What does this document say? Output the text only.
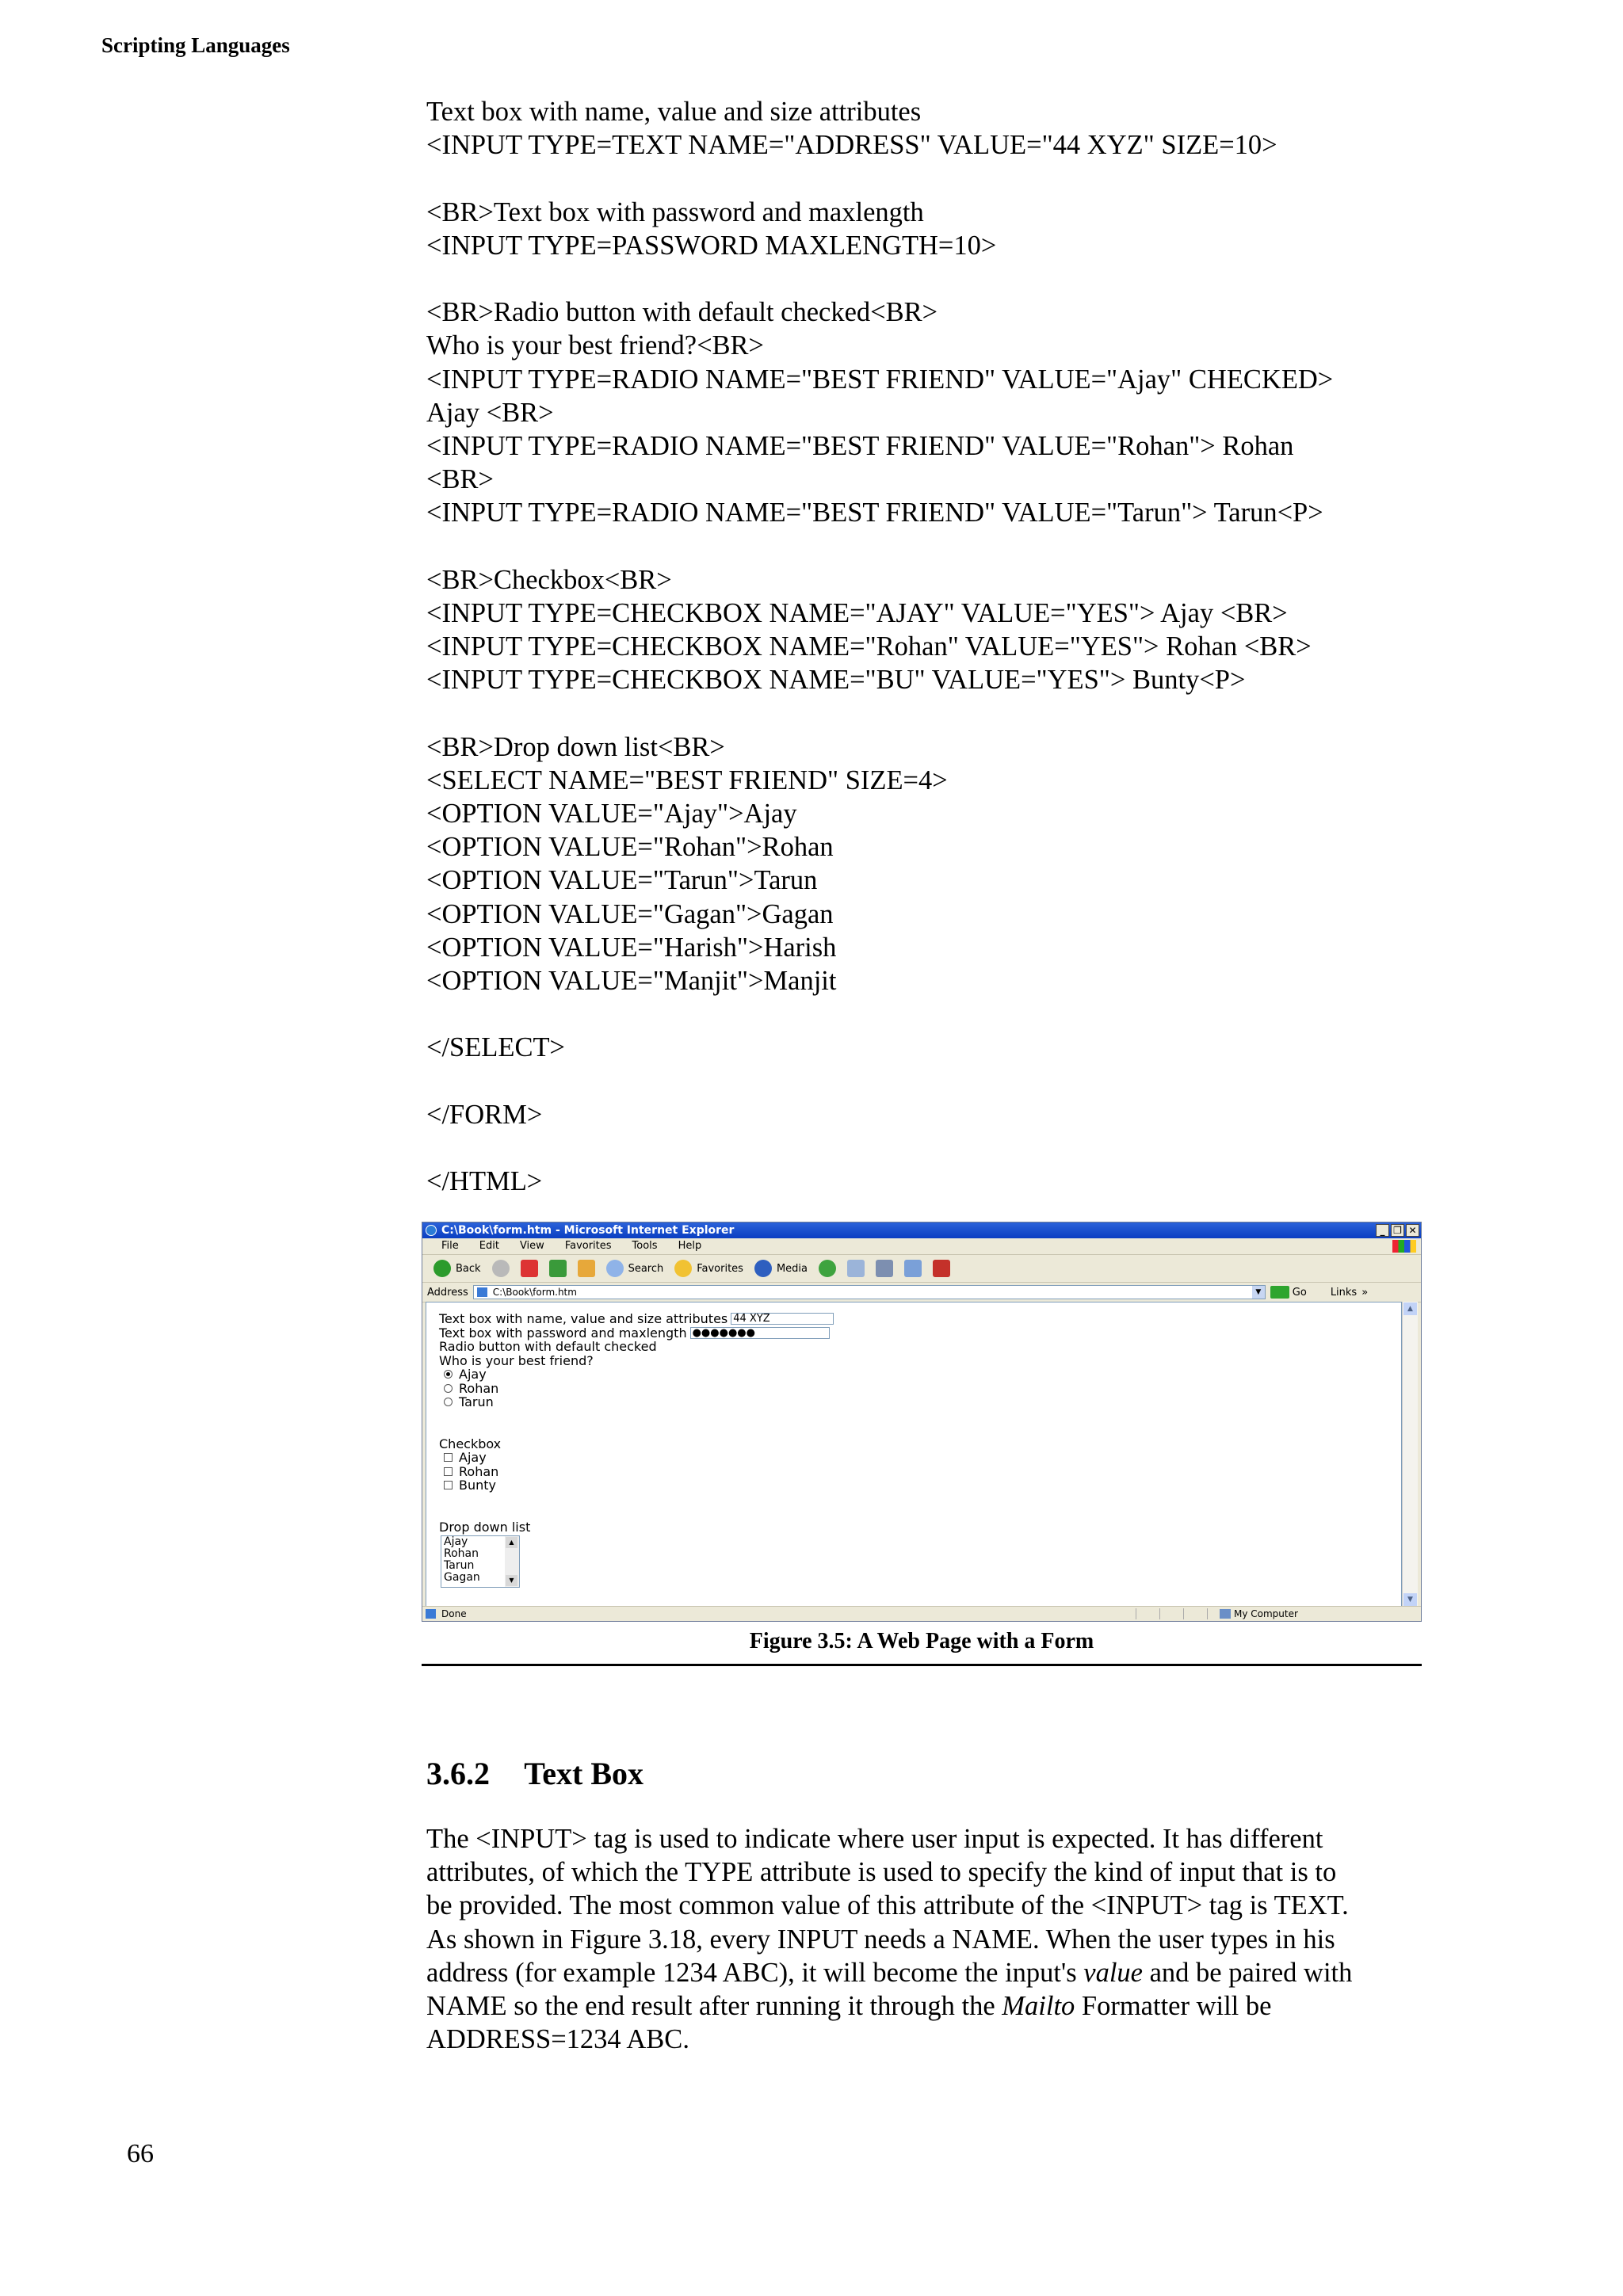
Scripting Languages
Text box with name, value and size attributes
<INPUT TYPE=TEXT NAME="ADDRESS" VALUE="44 XYZ" SIZE=10>
<BR>Text box with password and maxlength
<INPUT TYPE=PASSWORD MAXLENGTH=10>
<BR>Radio button with default checked<BR>
Who is your best friend?<BR>
<INPUT TYPE=RADIO NAME="BEST FRIEND" VALUE="Ajay" CHECKED>
Ajay <BR>
<INPUT TYPE=RADIO NAME="BEST FRIEND" VALUE="Rohan"> Rohan
<BR>
<INPUT TYPE=RADIO NAME="BEST FRIEND" VALUE="Tarun"> Tarun<P>
<BR>Checkbox<BR>
<INPUT TYPE=CHECKBOX NAME="AJAY" VALUE="YES"> Ajay <BR>
<INPUT TYPE=CHECKBOX NAME="Rohan" VALUE="YES"> Rohan <BR>
<INPUT TYPE=CHECKBOX NAME="BU" VALUE="YES"> Bunty<P>
<BR>Drop down list<BR>
<SELECT NAME="BEST FRIEND" SIZE=4>
<OPTION VALUE="Ajay">Ajay
<OPTION VALUE="Rohan">Rohan
<OPTION VALUE="Tarun">Tarun
<OPTION VALUE="Gagan">Gagan
<OPTION VALUE="Harish">Harish
<OPTION VALUE="Manjit">Manjit
</SELECT>
</FORM>
</HTML>
C:\Book\form.htm - Microsoft Internet Explorer	_ ❐ ✕
File Edit View Favorites Tools Help
Back	Search	Favorites	Media
Address	C:\Book\form.htm	▼	Go Links »
Text box with name, value and size attributes 44 XYZ
Text box with password and maxlength ●●●●●●●
Radio button with default checked
Who is your best friend?
Ajay
Rohan
Tarun
Checkbox
Ajay
Rohan
Bunty
Drop down list
Ajay
Rohan
Tarun
Gagan
▲
▼
▲
▼
Done	My Computer
Figure 3.5: A Web Page with a Form
3.6.2 Text Box
The <INPUT> tag is used to indicate where user input is expected. It has different
attributes, of which the TYPE attribute is used to specify the kind of input that is to
be provided. The most common value of this attribute of the <INPUT> tag is TEXT.
As shown in Figure 3.18, every INPUT needs a NAME. When the user types in his
address (for example 1234 ABC), it will become the input's value and be paired with
NAME so the end result after running it through the Mailto Formatter will be
ADDRESS=1234 ABC.
66
